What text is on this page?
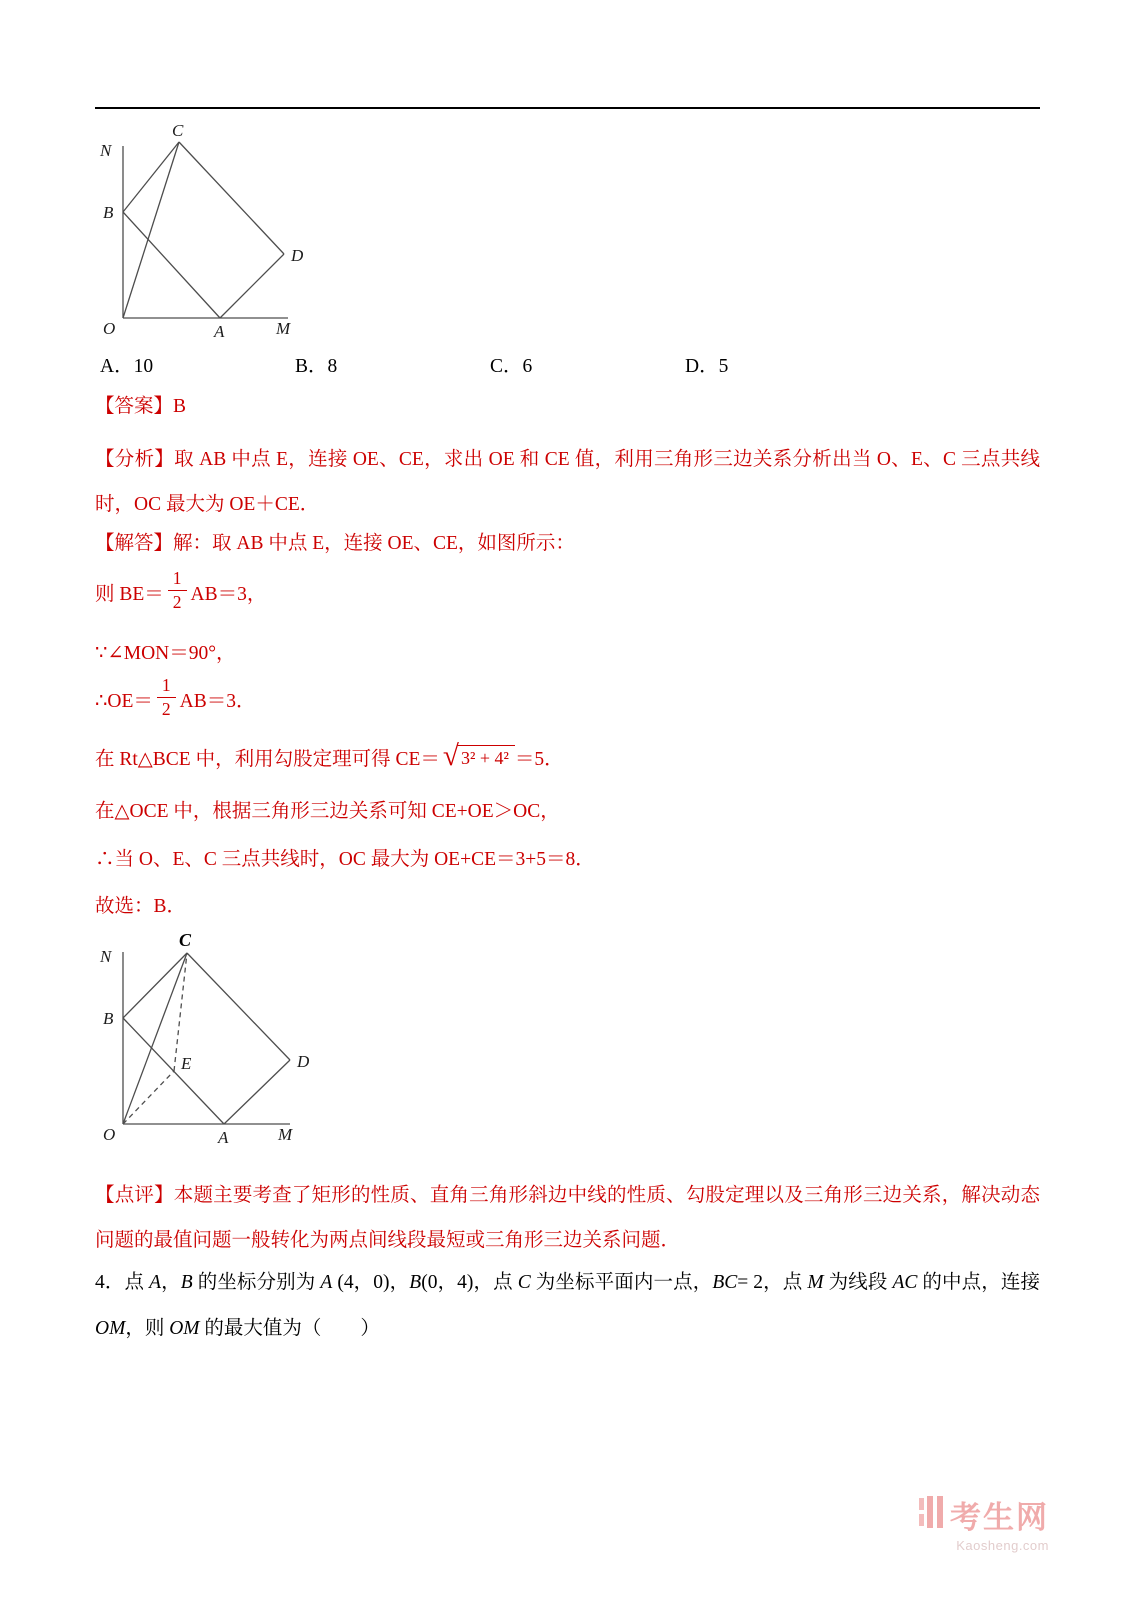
N
C
B
D
O	A	M
A．10	B．8	C．6	D．5
【答案】B
【分析】取 AB 中点 E，连接 OE、CE，求出 OE 和 CE 值，利用三角形三边关系分析出当 O、E、C 三点共线时，OC 最大为 OE＋CE．
【解答】解：取 AB 中点 E，连接 OE、CE，如图所示：
则 $BE= \frac{1}{2} AB=3$，
∵∠MON＝90°，
∴OE＝ $\frac{1}{2} AB=3$．
在 Rt△BCE 中，利用勾股定理可得 CE＝ √ 3² + 4² ＝5．
在△OCE 中，根据三角形三边关系可知 CE+OE＞OC，
∴当 O、E、C 三点共线时，OC 最大为 OE+CE＝3+5＝8．
故选：B．
N
C
B
D
E
O	A	M
【点评】本题主要考查了矩形的性质、直角三角形斜边中线的性质、勾股定理以及三角形三边关系，解决动态问题的最值问题一般转化为两点间线段最短或三角形三边关系问题．
4．点 A，B 的坐标分别为 A (4，0)，B(0，4)，点 C 为坐标平面内一点，BC= 2，点 M 为线段 AC 的中点，连接 OM，则 OM 的最大值为（　　）
考生网
Kaosheng.com
